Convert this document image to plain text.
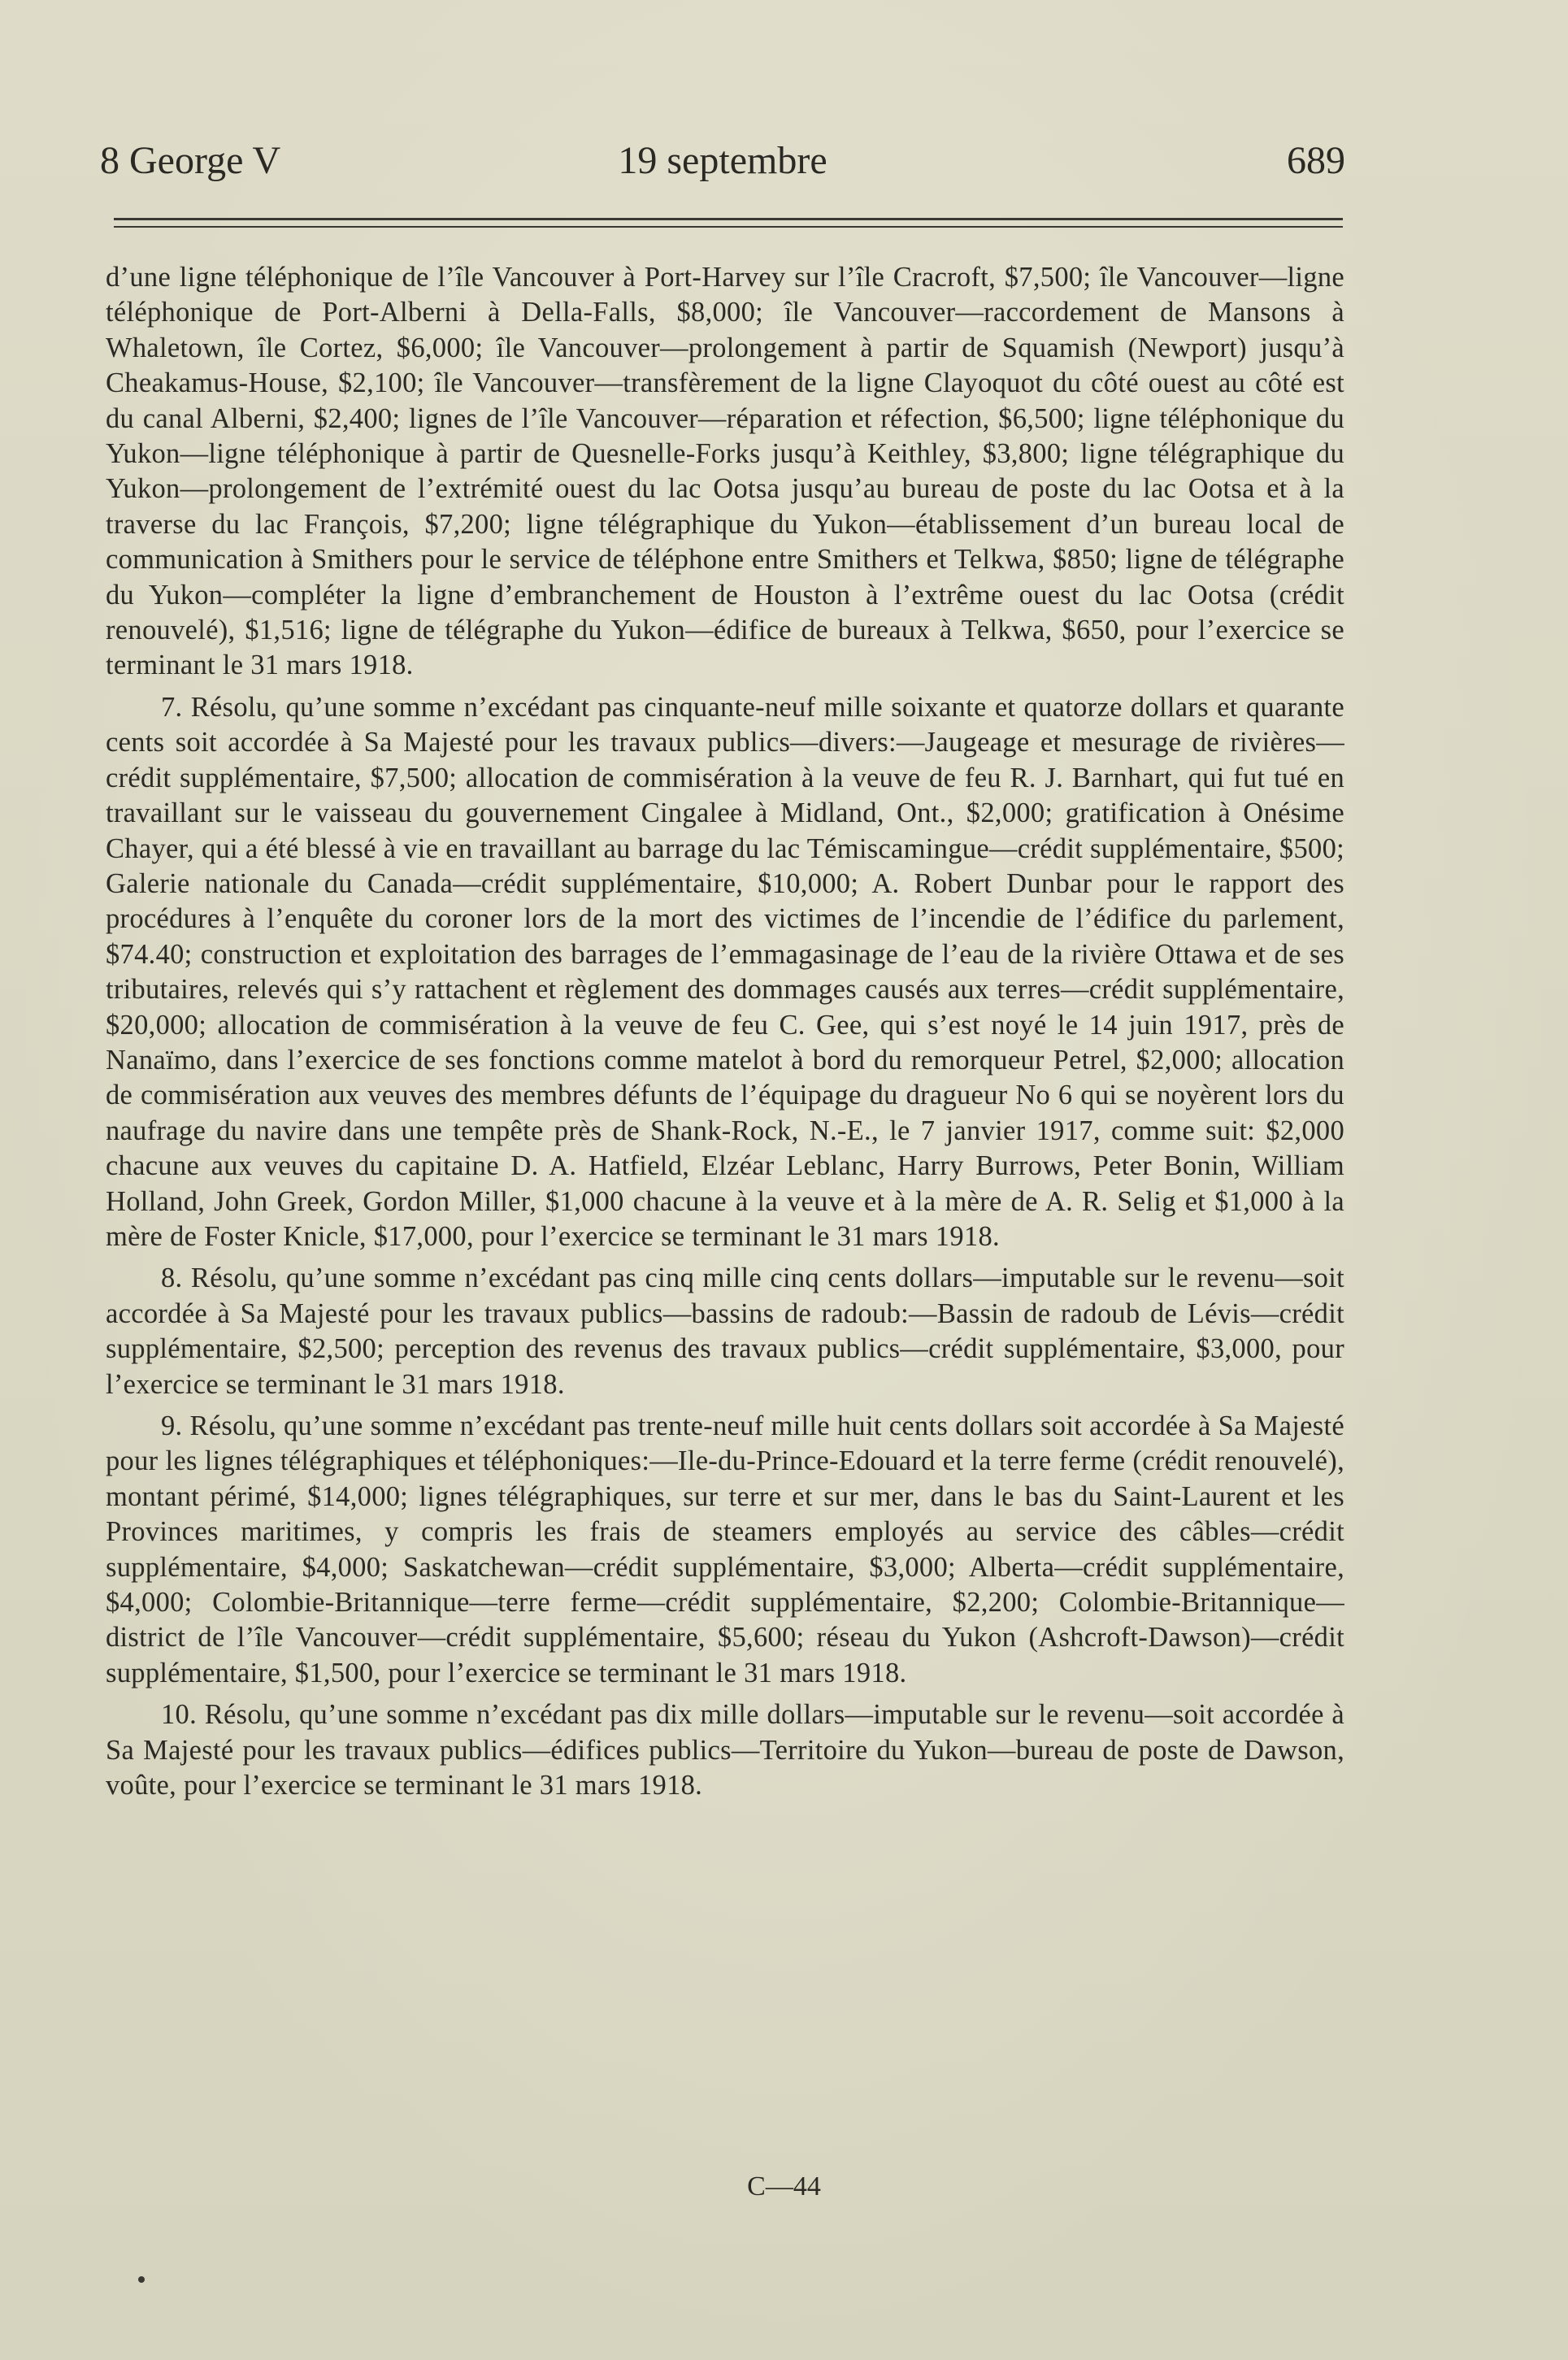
8 George V	19 septembre	689

d’une ligne téléphonique de l’île Vancouver à Port-Harvey sur l’île Cracroft, $7,500; île Vancouver—ligne téléphonique de Port-Alberni à Della-Falls, $8,000; île Vancouver—raccordement de Mansons à Whaletown, île Cortez, $6,000; île Vancouver—prolongement à partir de Squamish (Newport) jusqu’à Cheakamus-House, $2,100; île Vancouver—transfèrement de la ligne Clayoquot du côté ouest au côté est du canal Alberni, $2,400; lignes de l’île Vancouver—réparation et réfection, $6,500; ligne téléphonique du Yukon—ligne téléphonique à partir de Quesnelle-Forks jusqu’à Keithley, $3,800; ligne télégraphique du Yukon—prolongement de l’extrémité ouest du lac Ootsa jusqu’au bureau de poste du lac Ootsa et à la traverse du lac François, $7,200; ligne télégraphique du Yukon—établissement d’un bureau local de communication à Smithers pour le service de téléphone entre Smithers et Telkwa, $850; ligne de télégraphe du Yukon—compléter la ligne d’embranchement de Houston à l’extrême ouest du lac Ootsa (crédit renouvelé), $1,516; ligne de télégraphe du Yukon—édifice de bureaux à Telkwa, $650, pour l’exercice se terminant le 31 mars 1918.

7. Résolu, qu’une somme n’excédant pas cinquante-neuf mille soixante et quatorze dollars et quarante cents soit accordée à Sa Majesté pour les travaux publics—divers:—Jaugeage et mesurage de rivières—crédit supplémentaire, $7,500; allocation de commisération à la veuve de feu R. J. Barnhart, qui fut tué en travaillant sur le vaisseau du gouvernement Cingalee à Midland, Ont., $2,000; gratification à Onésime Chayer, qui a été blessé à vie en travaillant au barrage du lac Témiscamingue—crédit supplémentaire, $500; Galerie nationale du Canada—crédit supplémentaire, $10,000; A. Robert Dunbar pour le rapport des procédures à l’enquête du coroner lors de la mort des victimes de l’incendie de l’édifice du parlement, $74.40; construction et exploitation des barrages de l’emmagasinage de l’eau de la rivière Ottawa et de ses tributaires, relevés qui s’y rattachent et règlement des dommages causés aux terres—crédit supplémentaire, $20,000; allocation de commisération à la veuve de feu C. Gee, qui s’est noyé le 14 juin 1917, près de Nanaïmo, dans l’exercice de ses fonctions comme matelot à bord du remorqueur Petrel, $2,000; allocation de commisération aux veuves des membres défunts de l’équipage du dragueur No 6 qui se noyèrent lors du naufrage du navire dans une tempête près de Shank-Rock, N.-E., le 7 janvier 1917, comme suit: $2,000 chacune aux veuves du capitaine D. A. Hatfield, Elzéar Leblanc, Harry Burrows, Peter Bonin, William Holland, John Greek, Gordon Miller, $1,000 chacune à la veuve et à la mère de A. R. Selig et $1,000 à la mère de Foster Knicle, $17,000, pour l’exercice se terminant le 31 mars 1918.

8. Résolu, qu’une somme n’excédant pas cinq mille cinq cents dollars—imputable sur le revenu—soit accordée à Sa Majesté pour les travaux publics—bassins de radoub:—Bassin de radoub de Lévis—crédit supplémentaire, $2,500; perception des revenus des travaux publics—crédit supplémentaire, $3,000, pour l’exercice se terminant le 31 mars 1918.

9. Résolu, qu’une somme n’excédant pas trente-neuf mille huit cents dollars soit accordée à Sa Majesté pour les lignes télégraphiques et téléphoniques:—Ile-du-Prince-Edouard et la terre ferme (crédit renouvelé), montant périmé, $14,000; lignes télégraphiques, sur terre et sur mer, dans le bas du Saint-Laurent et les Provinces maritimes, y compris les frais de steamers employés au service des câbles—crédit supplémentaire, $4,000; Saskatchewan—crédit supplémentaire, $3,000; Alberta—crédit supplémentaire, $4,000; Colombie-Britannique—terre ferme—crédit supplémentaire, $2,200; Colombie-Britannique—district de l’île Vancouver—crédit supplémentaire, $5,600; réseau du Yukon (Ashcroft-Dawson)—crédit supplémentaire, $1,500, pour l’exercice se terminant le 31 mars 1918.

10. Résolu, qu’une somme n’excédant pas dix mille dollars—imputable sur le revenu—soit accordée à Sa Majesté pour les travaux publics—édifices publics—Territoire du Yukon—bureau de poste de Dawson, voûte, pour l’exercice se terminant le 31 mars 1918.

C—44
